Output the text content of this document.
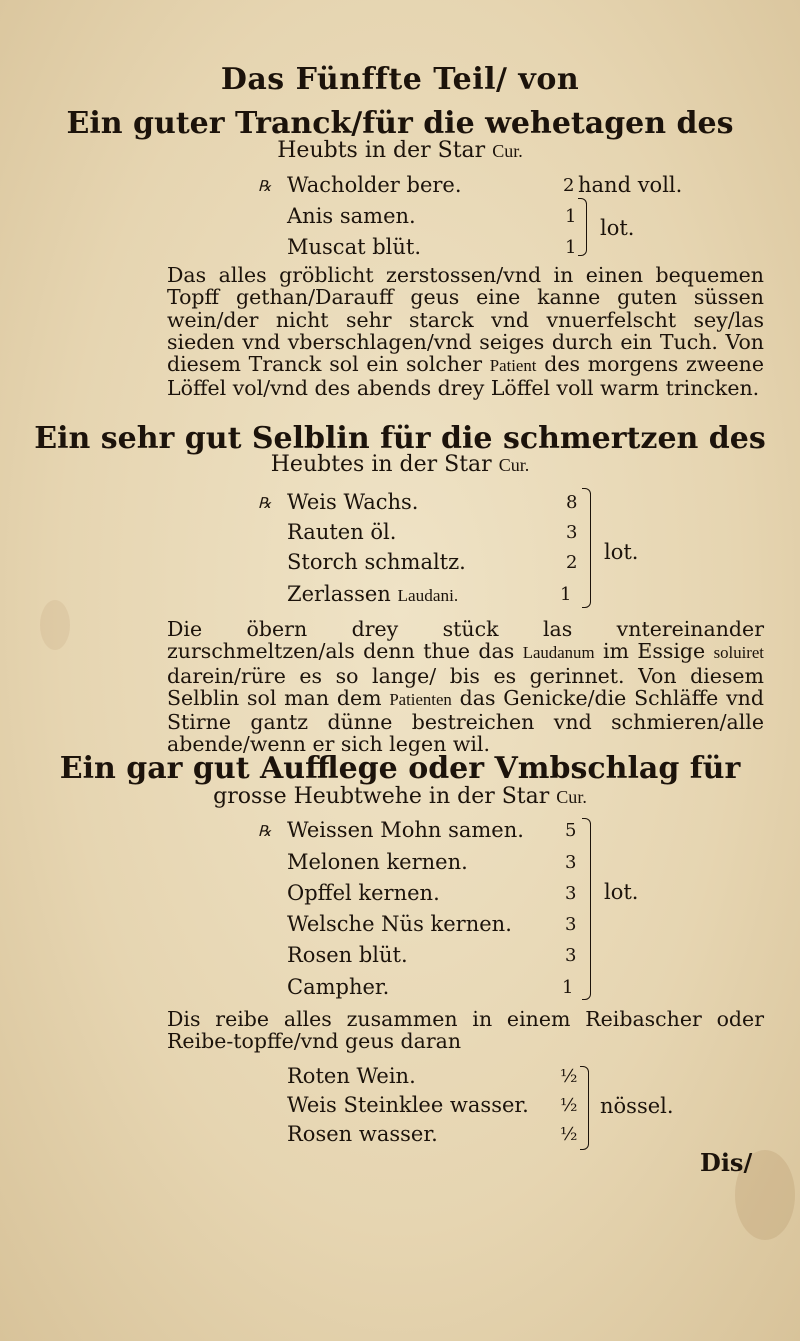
Das Fünffte Teil/ von
Ein guter Tranck/für die wehetagen des
Heubts in der Star Cur.
℞ Wacholder bere.	2 hand voll.
Anis samen.	1
Muscat blüt.	1
lot.

Das alles gröblicht zerstossen/vnd in einen bequemen Topff gethan/Darauff geus eine kanne guten süssen wein/der nicht sehr starck vnd vnuerfelscht sey/las sieden vnd vberschlagen/vnd seiges durch ein Tuch. Von diesem Tranck sol ein solcher Patient des morgens zweene Löffel vol/vnd des abends drey Löffel voll warm trincken.

Ein sehr gut Selblin für die schmertzen des
Heubtes in der Star Cur.
℞ Weis Wachs.	8
Rauten öl.	3
Storch schmaltz.	2
Zerlassen Laudani.	1
lot.

Die öbern drey stück las vntereinander zurschmeltzen/als denn thue das Laudanum im Essige soluiret darein/rüre es so lange/ bis es gerinnet. Von diesem Selblin sol man dem Patienten das Genicke/die Schläffe vnd Stirne gantz dünne bestreichen vnd schmieren/alle abende/wenn er sich legen wil.

Ein gar gut Aufflege oder Vmbschlag für
grosse Heubtwehe in der Star Cur.
℞ Weissen Mohn samen. 5
Melonen kernen.	3
Opffel kernen.	3
Welsche Nüs kernen.	3
Rosen blüt.	3
Campher.	1
lot.

Dis reibe alles zusammen in einem Reibascher oder Reibe-topffe/vnd geus daran

Roten Wein.	½
Weis Steinklee wasser. ½
Rosen wasser.	½
nössel.
Dis/
